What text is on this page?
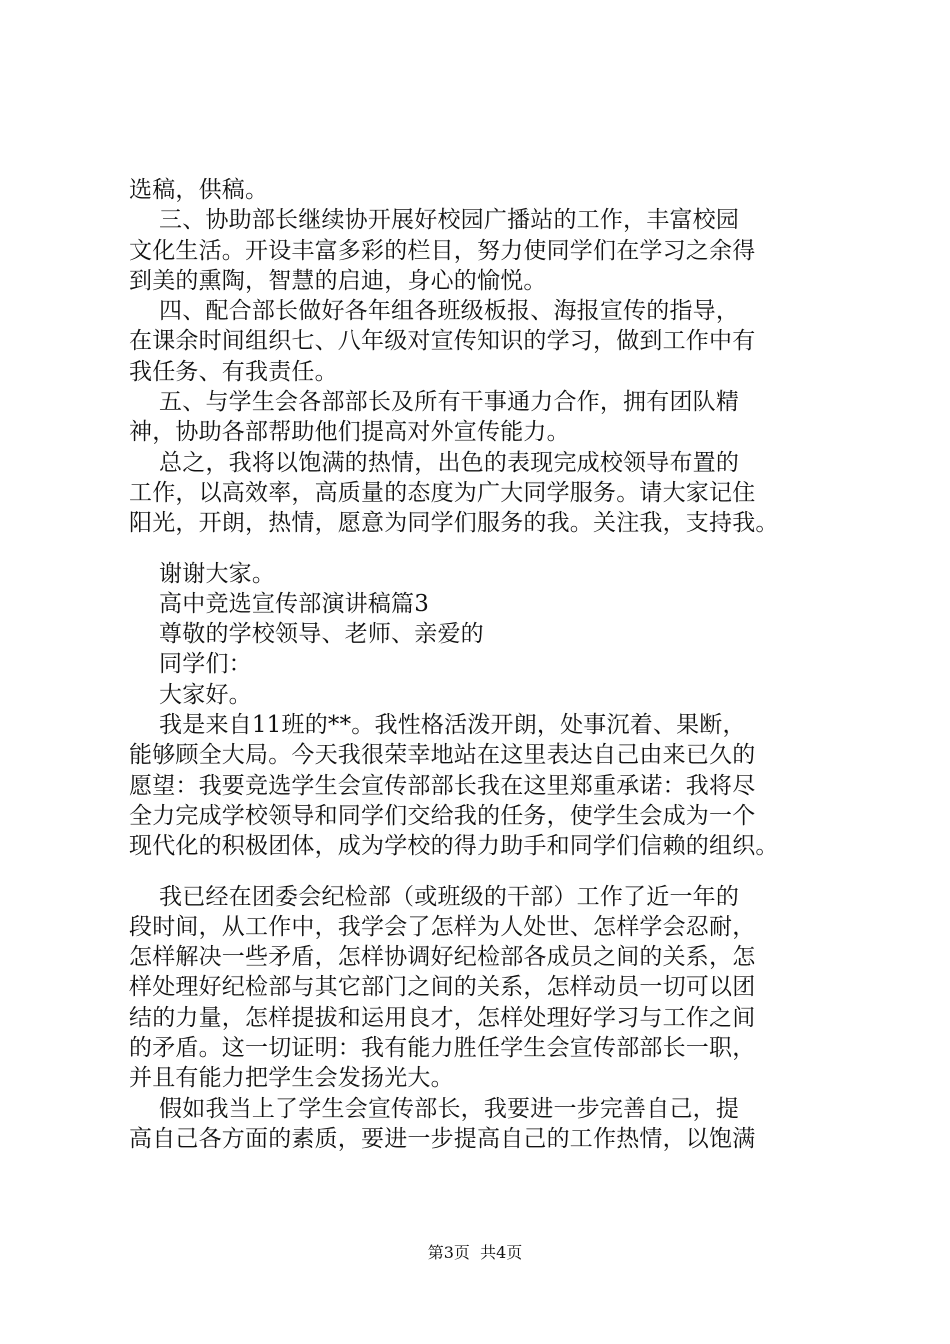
选稿，供稿。
三、协助部长继续协开展好校园广播站的工作，丰富校园
文化生活。开设丰富多彩的栏目，努力使同学们在学习之余得
到美的熏陶，智慧的启迪，身心的愉悦。
四、配合部长做好各年组各班级板报、海报宣传的指导，
在课余时间组织七、八年级对宣传知识的学习，做到工作中有
我任务、有我责任。
五、与学生会各部部长及所有干事通力合作，拥有团队精
神，协助各部帮助他们提高对外宣传能力。
总之，我将以饱满的热情，出色的表现完成校领导布置的
工作，以高效率，高质量的态度为广大同学服务。请大家记住
阳光，开朗，热情，愿意为同学们服务的我。关注我，支持我。
谢谢大家。
高中竞选宣传部演讲稿篇3
尊敬的学校领导、老师、亲爱的
同学们：
大家好。
我是来自11班的**。我性格活泼开朗，处事沉着、果断，
能够顾全大局。今天我很荣幸地站在这里表达自己由来已久的
愿望：我要竞选学生会宣传部部长我在这里郑重承诺：我将尽
全力完成学校领导和同学们交给我的任务，使学生会成为一个
现代化的积极团体，成为学校的得力助手和同学们信赖的组织。
我已经在团委会纪检部（或班级的干部）工作了近一年的
段时间，从工作中，我学会了怎样为人处世、怎样学会忍耐，
怎样解决一些矛盾，怎样协调好纪检部各成员之间的关系，怎
样处理好纪检部与其它部门之间的关系，怎样动员一切可以团
结的力量，怎样提拔和运用良才，怎样处理好学习与工作之间
的矛盾。这一切证明：我有能力胜任学生会宣传部部长一职，
并且有能力把学生会发扬光大。
假如我当上了学生会宣传部长，我要进一步完善自己，提
高自己各方面的素质，要进一步提高自己的工作热情，以饱满
第3页  共4页
